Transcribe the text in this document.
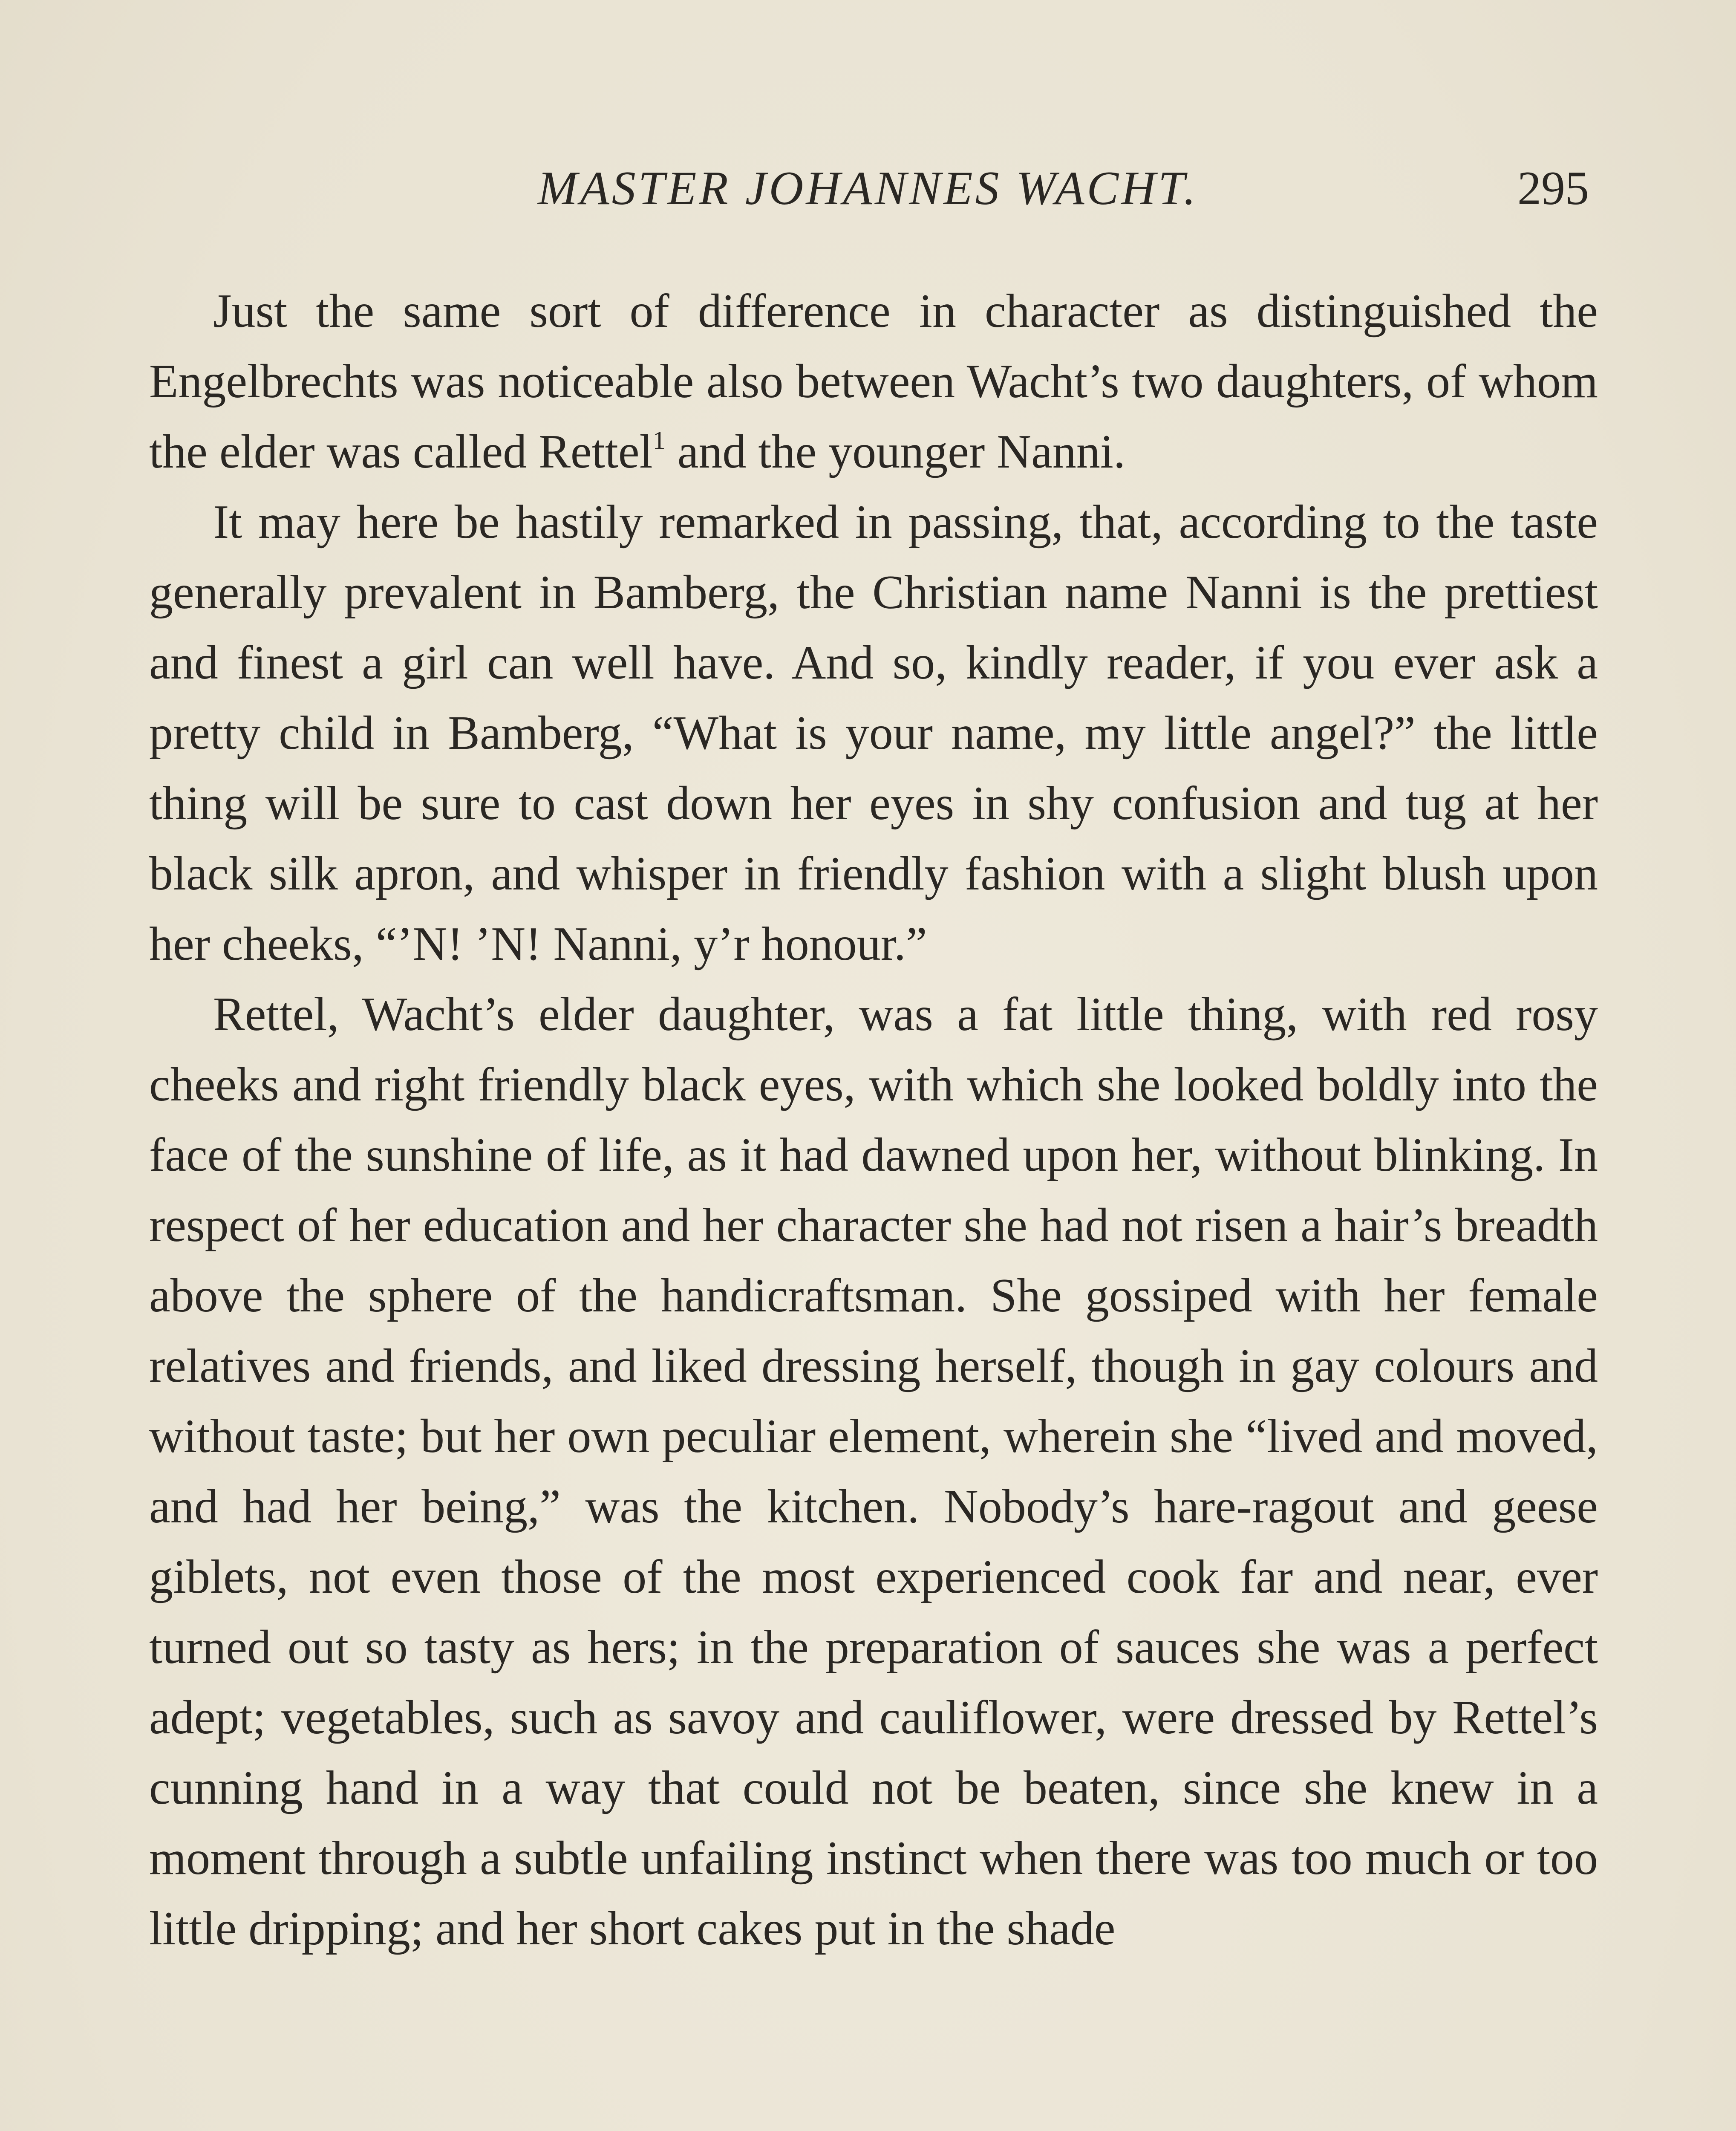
MASTER JOHANNES WACHT.	295

Just the same sort of difference in character as distinguished the Engelbrechts was noticeable also between Wacht’s two daughters, of whom the elder was called Rettel$^1$ and the younger Nanni.

It may here be hastily remarked in passing, that, according to the taste generally prevalent in Bamberg, the Christian name Nanni is the prettiest and finest a girl can well have. And so, kindly reader, if you ever ask a pretty child in Bamberg, “What is your name, my little angel?” the little thing will be sure to cast down her eyes in shy confusion and tug at her black silk apron, and whisper in friendly fashion with a slight blush upon her cheeks, “’N! ’N! Nanni, y’r honour.”

Rettel, Wacht’s elder daughter, was a fat little thing, with red rosy cheeks and right friendly black eyes, with which she looked boldly into the face of the sunshine of life, as it had dawned upon her, without blinking. In respect of her education and her character she had not risen a hair’s breadth above the sphere of the handicraftsman. She gossiped with her female relatives and friends, and liked dressing herself, though in gay colours and without taste; but her own peculiar element, wherein she “lived and moved, and had her being,” was the kitchen. Nobody’s hare-ragout and geese giblets, not even those of the most experienced cook far and near, ever turned out so tasty as hers; in the preparation of sauces she was a perfect adept; vegetables, such as savoy and cauliflower, were dressed by Rettel’s cunning hand in a way that could not be beaten, since she knew in a moment through a subtle unfailing instinct when there was too much or too little dripping; and her short cakes put in the shade
